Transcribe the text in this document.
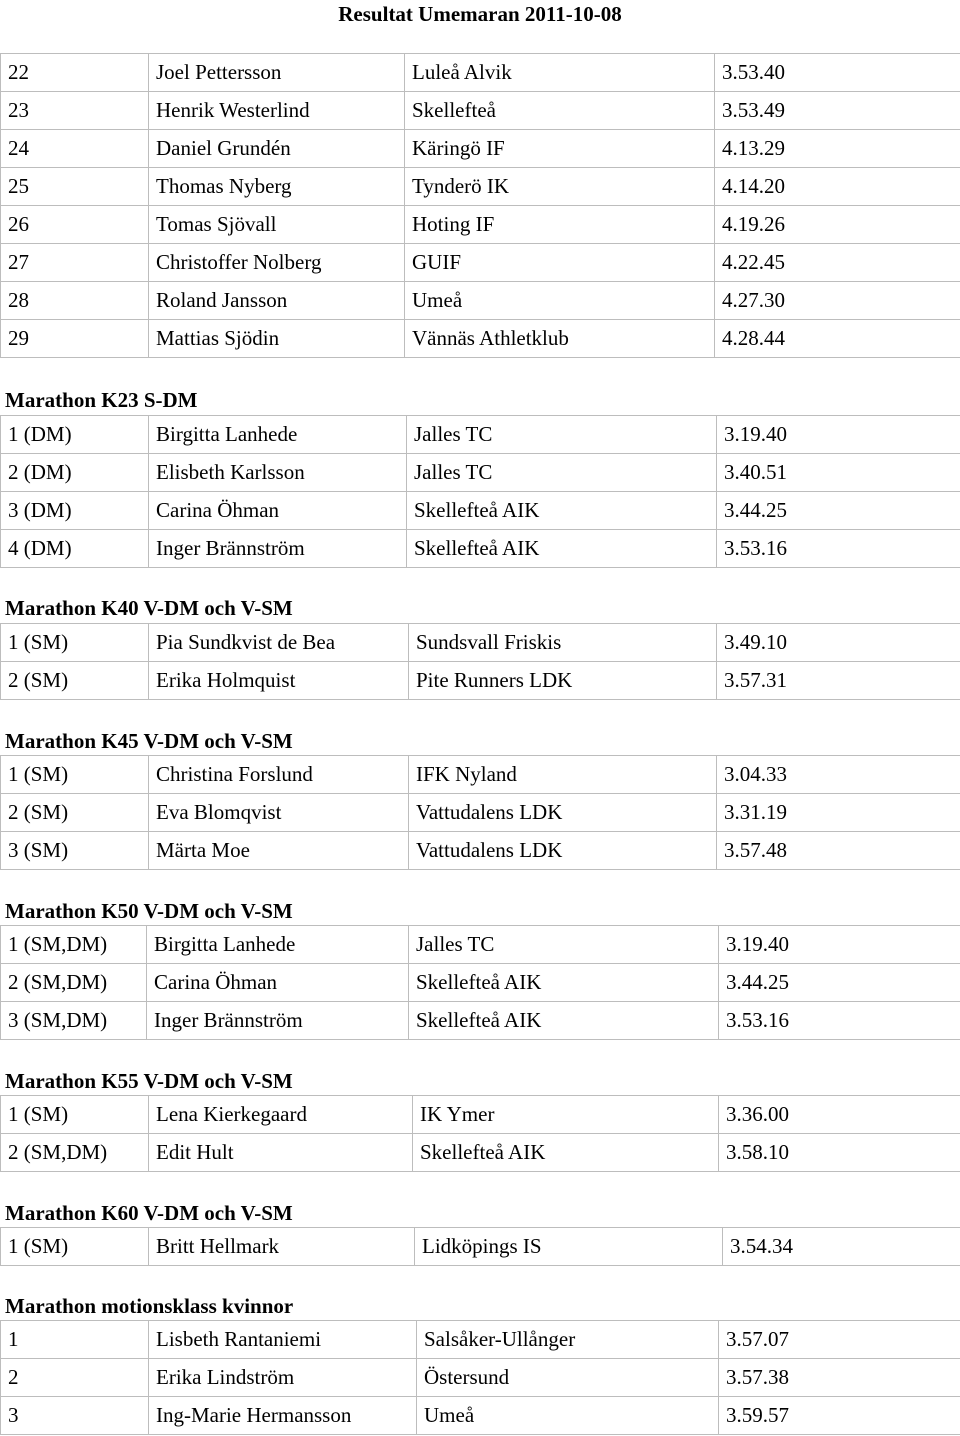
Resultat Umemaran 2011-10-08
22	Joel Pettersson	Luleå Alvik	3.53.40
23	Henrik Westerlind	Skellefteå	3.53.49
24	Daniel Grundén	Käringö IF	4.13.29
25	Thomas Nyberg	Tynderö IK	4.14.20
26	Tomas Sjövall	Hoting IF	4.19.26
27	Christoffer Nolberg	GUIF	4.22.45
28	Roland Jansson	Umeå	4.27.30
29	Mattias Sjödin	Vännäs Athletklub	4.28.44
Marathon K23 S-DM
1 (DM)	Birgitta Lanhede	Jalles TC	3.19.40
2 (DM)	Elisbeth Karlsson	Jalles TC	3.40.51
3 (DM)	Carina Öhman	Skellefteå AIK	3.44.25
4 (DM)	Inger Brännström	Skellefteå AIK	3.53.16
Marathon K40 V-DM och V-SM
1 (SM)	Pia Sundkvist de Bea	Sundsvall Friskis	3.49.10
2 (SM)	Erika Holmquist	Pite Runners LDK	3.57.31
Marathon K45 V-DM och V-SM
1 (SM)	Christina Forslund	IFK Nyland	3.04.33
2 (SM)	Eva Blomqvist	Vattudalens LDK	3.31.19
3 (SM)	Märta Moe	Vattudalens LDK	3.57.48
Marathon K50 V-DM och V-SM
1 (SM,DM)	Birgitta Lanhede	Jalles TC	3.19.40
2 (SM,DM)	Carina Öhman	Skellefteå AIK	3.44.25
3 (SM,DM)	Inger Brännström	Skellefteå AIK	3.53.16
Marathon K55 V-DM och V-SM
1 (SM)	Lena Kierkegaard	IK Ymer	3.36.00
2 (SM,DM)	Edit Hult	Skellefteå AIK	3.58.10
Marathon K60 V-DM och V-SM
1 (SM)	Britt Hellmark	Lidköpings IS	3.54.34
Marathon motionsklass kvinnor
1	Lisbeth Rantaniemi	Salsåker-Ullånger	3.57.07
2	Erika Lindström	Östersund	3.57.38
3	Ing-Marie Hermansson	Umeå	3.59.57
